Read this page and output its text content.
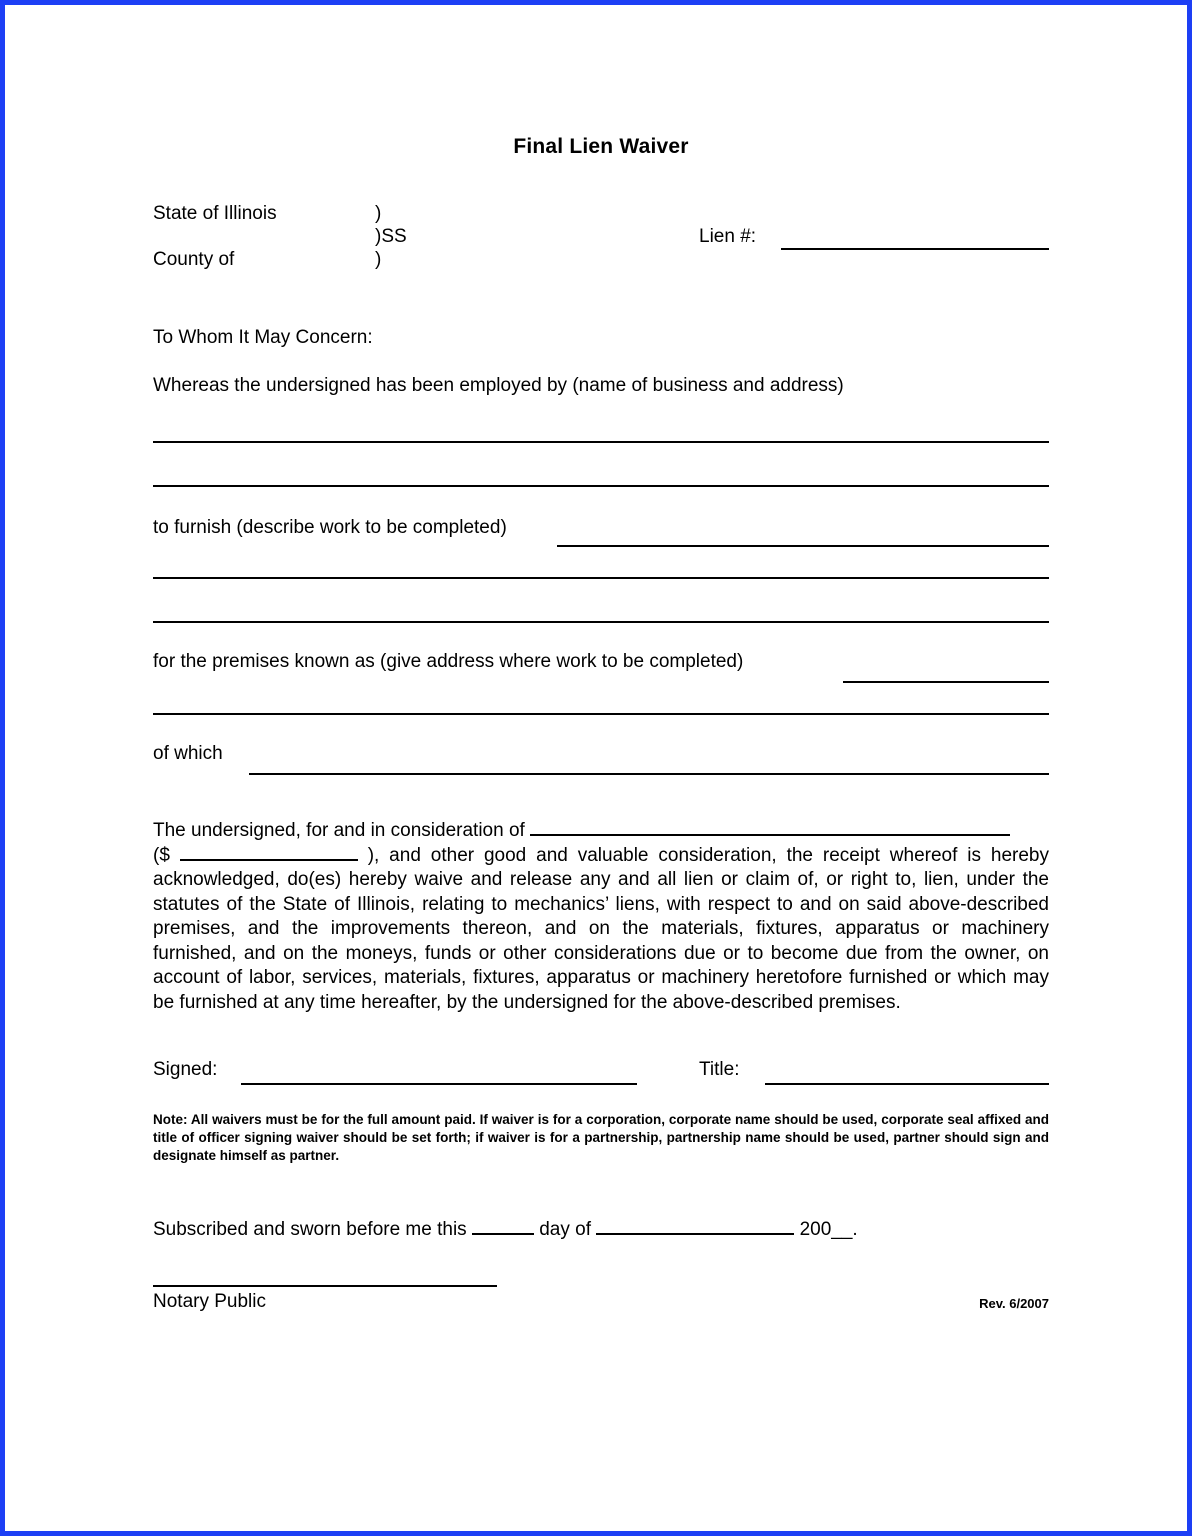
Final Lien Waiver
State of Illinois	)
)SS
County of	)
Lien #:
To Whom It May Concern:
Whereas the undersigned has been employed by (name of business and address)
to furnish (describe work to be completed)
for the premises known as (give address where work to be completed)
of which
The undersigned, for and in consideration of
($	), and other good and valuable consideration, the receipt whereof is hereby acknowledged, do(es) hereby waive and release any and all lien or claim of, or right to, lien, under the statutes of the State of Illinois, relating to mechanics’ liens, with respect to and on said above-described premises, and the improvements thereon, and on the materials, fixtures, apparatus or machinery furnished, and on the moneys, funds or other considerations due or to become due from the owner, on account of labor, services, materials, fixtures, apparatus or machinery heretofore furnished or which may be furnished at any time hereafter, by the undersigned for the above-described premises.
Signed:	Title:
Note: All waivers must be for the full amount paid. If waiver is for a corporation, corporate name should be used, corporate seal affixed and title of officer signing waiver should be set forth; if waiver is for a partnership, partnership name should be used, partner should sign and designate himself as partner.
Subscribed and sworn before me this	day of	200__.
Notary Public	Rev. 6/2007
